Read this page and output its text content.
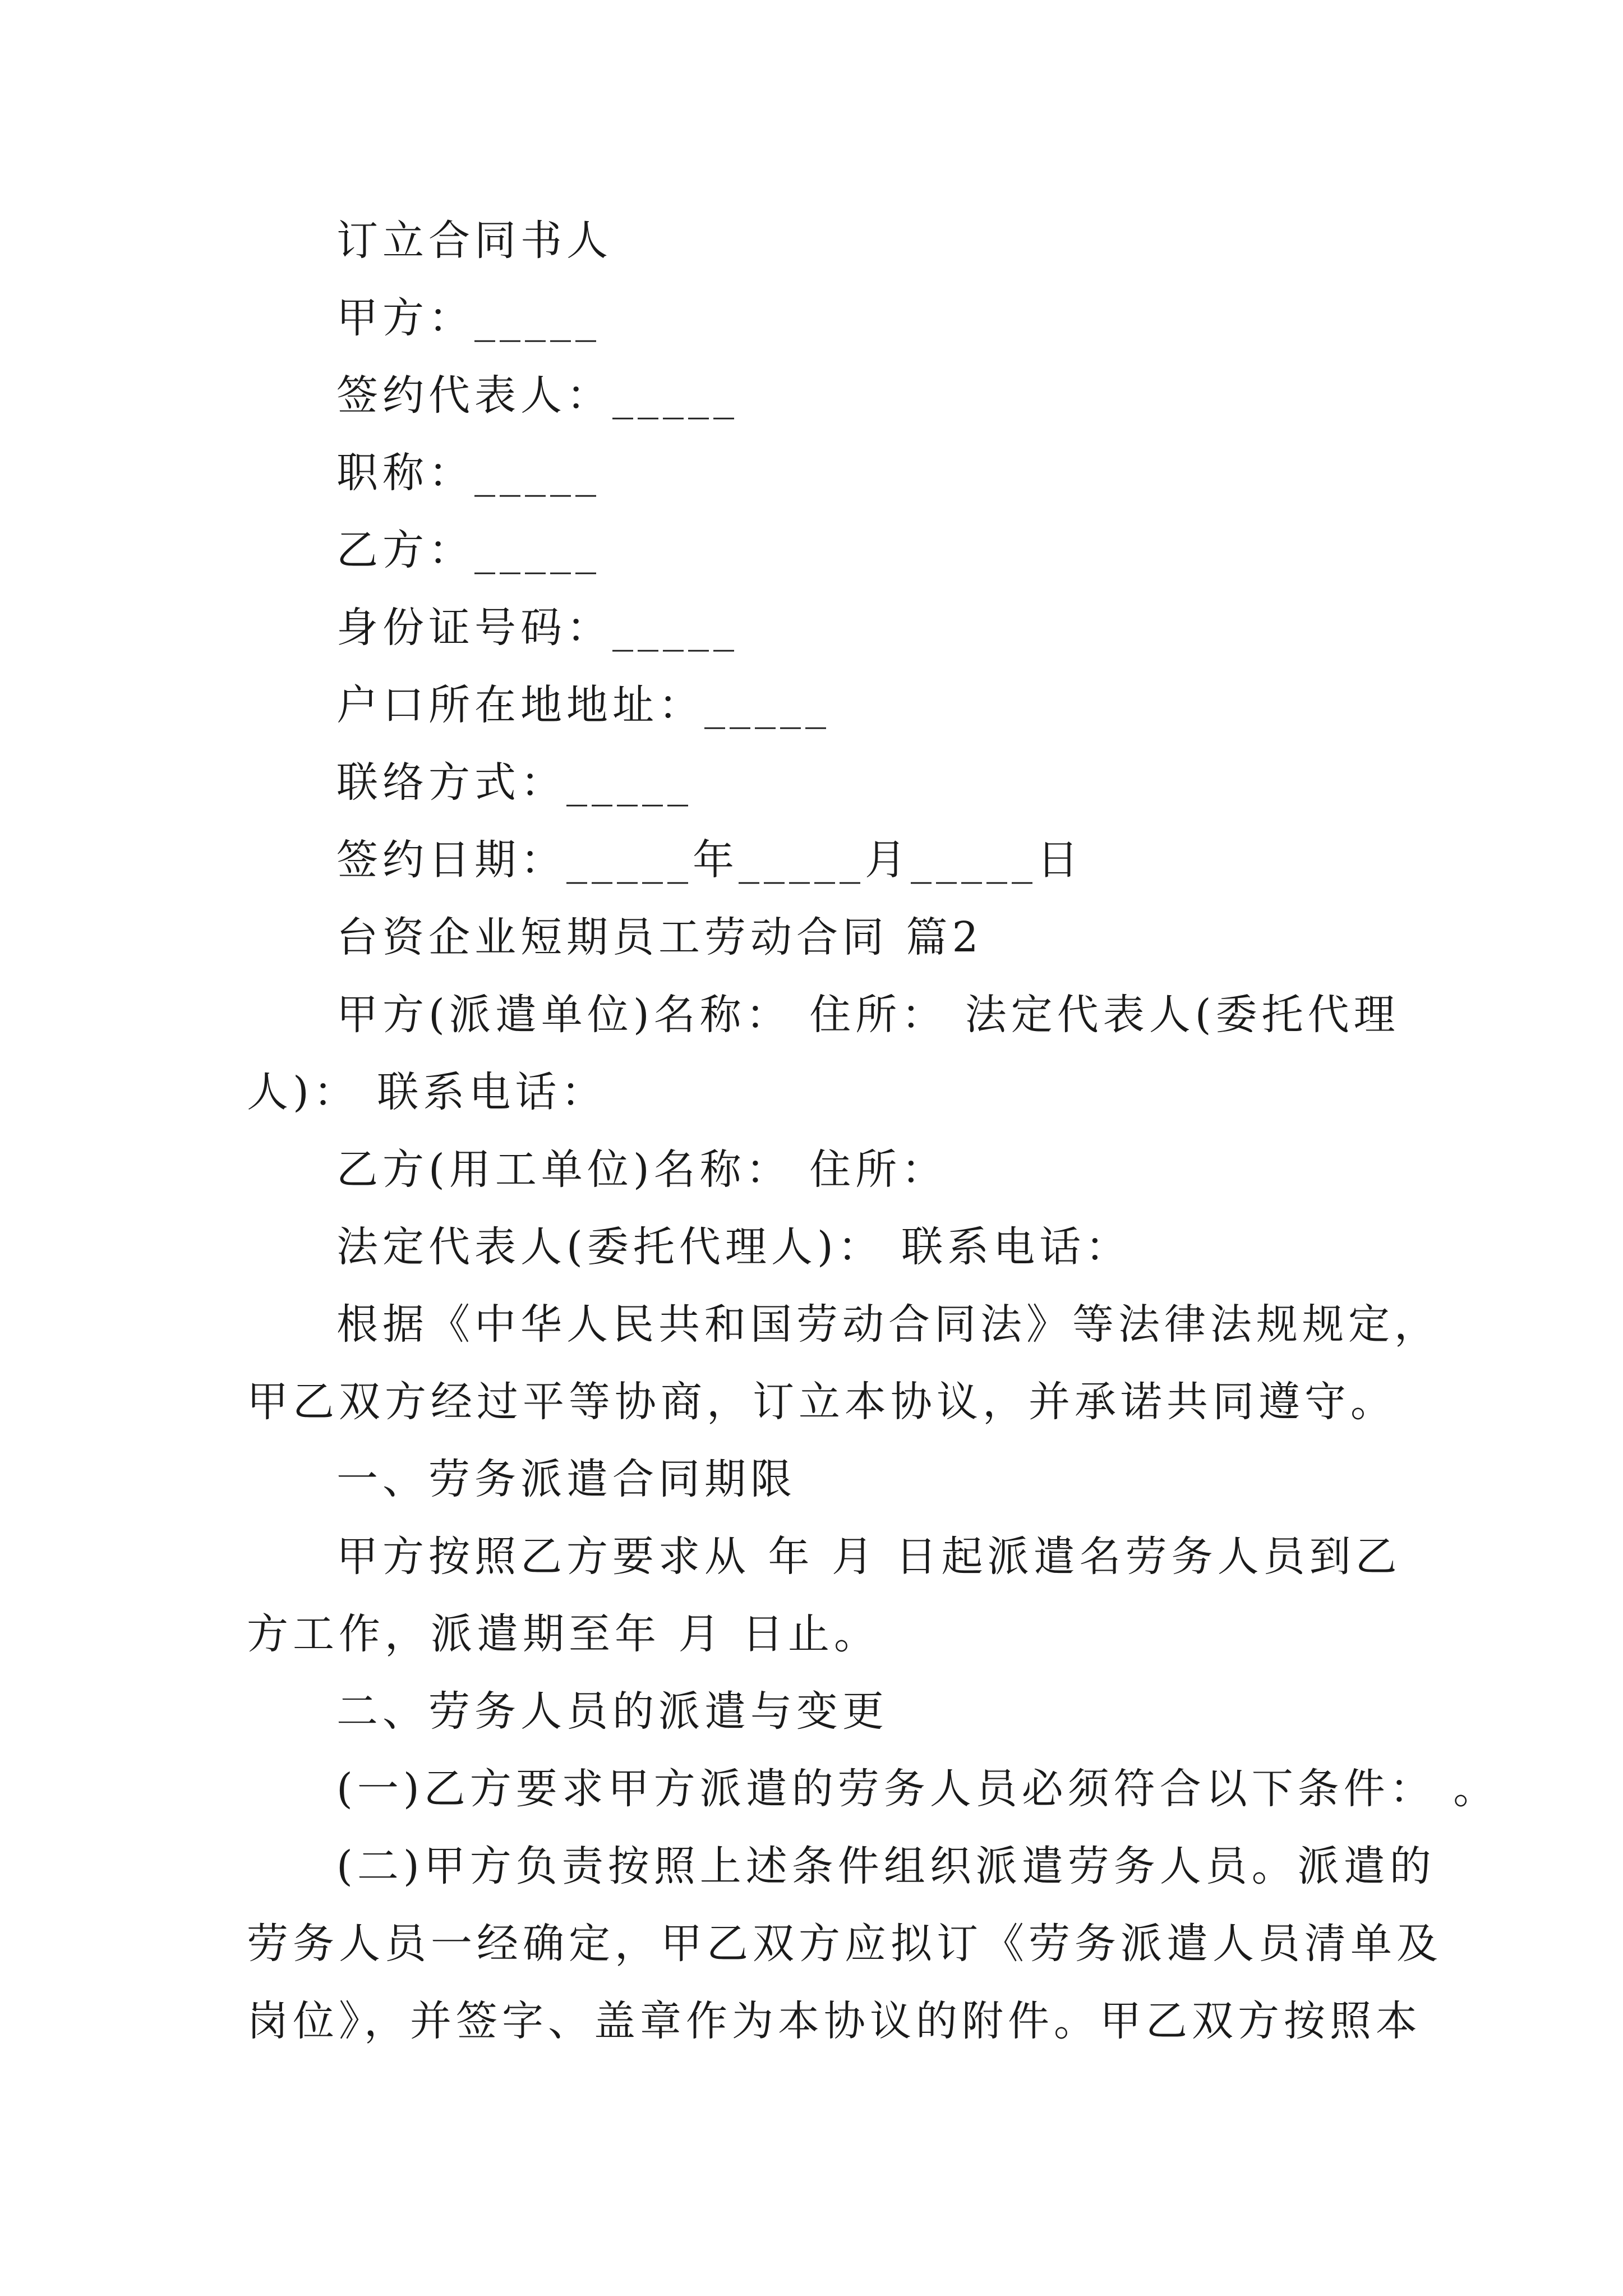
订立合同书人
甲方：_____
签约代表人：_____
职称：_____
乙方：_____
身份证号码：_____
户口所在地地址：_____
联络方式：_____
签约日期：_____年_____月_____日
台资企业短期员工劳动合同 篇2
甲方(派遣单位)名称： 住所： 法定代表人(委托代理
人)： 联系电话：
乙方(用工单位)名称： 住所：
法定代表人(委托代理人)： 联系电话：
根据《中华人民共和国劳动合同法》等法律法规规定，
甲乙双方经过平等协商，订立本协议，并承诺共同遵守。
一、劳务派遣合同期限
甲方按照乙方要求从 年 月 日起派遣名劳务人员到乙
方工作，派遣期至年 月 日止。
二、劳务人员的派遣与变更
(一)乙方要求甲方派遣的劳务人员必须符合以下条件： 。
(二)甲方负责按照上述条件组织派遣劳务人员。派遣的
劳务人员一经确定，甲乙双方应拟订《劳务派遣人员清单及
岗位》，并签字、盖章作为本协议的附件。甲乙双方按照本
